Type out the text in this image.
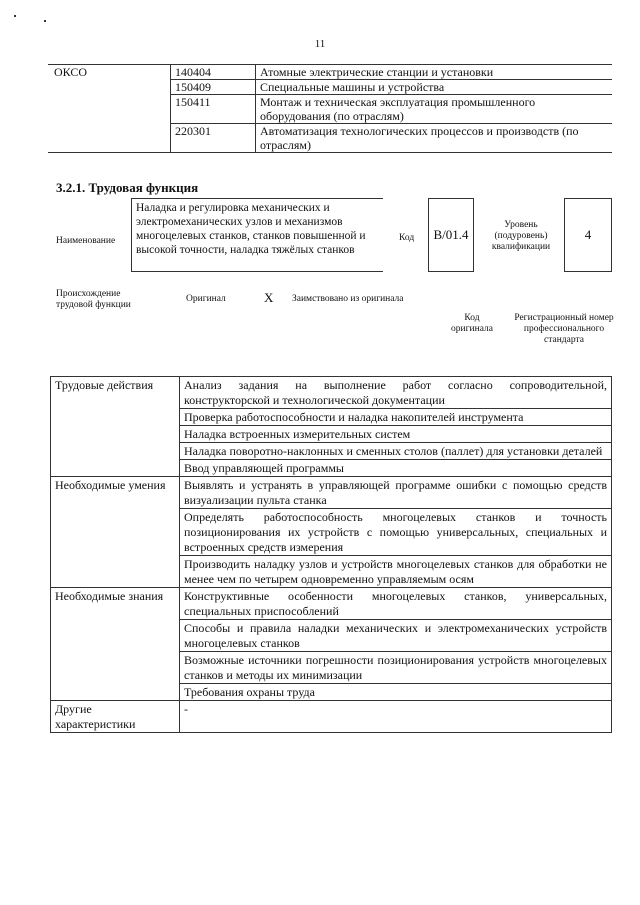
11
ОКСО	140404	Атомные электрические станции и установки
	150409	Специальные машины и устройства
	150411	Монтаж и техническая эксплуатация промышленного оборудования (по отраслям)
	220301	Автоматизация технологических процессов и производств (по отраслям)
3.2.1. Трудовая функция
Наименование
Наладка и регулировка механических и электромеханических узлов и механизмов многоцелевых станков, станков повышенной и высокой точности, наладка тяжёлых станков
Код	В/01.4
Уровень (подуровень) квалификации
4
Происхождение трудовой функции
Оригинал	X Заимствовано из оригинала
Код оригинала
Регистрационный номер профессионального стандарта
Трудовые действия	Анализ задания на выполнение работ согласно сопроводительной, конструкторской и технологической документации
	Проверка работоспособности и наладка накопителей инструмента
	Наладка встроенных измерительных систем
	Наладка поворотно-наклонных и сменных столов (паллет) для установки деталей
	Ввод управляющей программы
Необходимые умения	Выявлять и устранять в управляющей программе ошибки с помощью средств визуализации пульта станка
	Определять работоспособность многоцелевых станков и точность позиционирования их устройств с помощью универсальных, специальных и встроенных средств измерения
	Производить наладку узлов и устройств многоцелевых станков для обработки не менее чем по четырем одновременно управляемым осям
Необходимые знания	Конструктивные особенности многоцелевых станков, универсальных, специальных приспособлений
	Способы и правила наладки механических и электромеханических устройств многоцелевых станков
	Возможные источники погрешности позиционирования устройств многоцелевых станков и методы их минимизации
	Требования охраны труда
Другие характеристики	-
